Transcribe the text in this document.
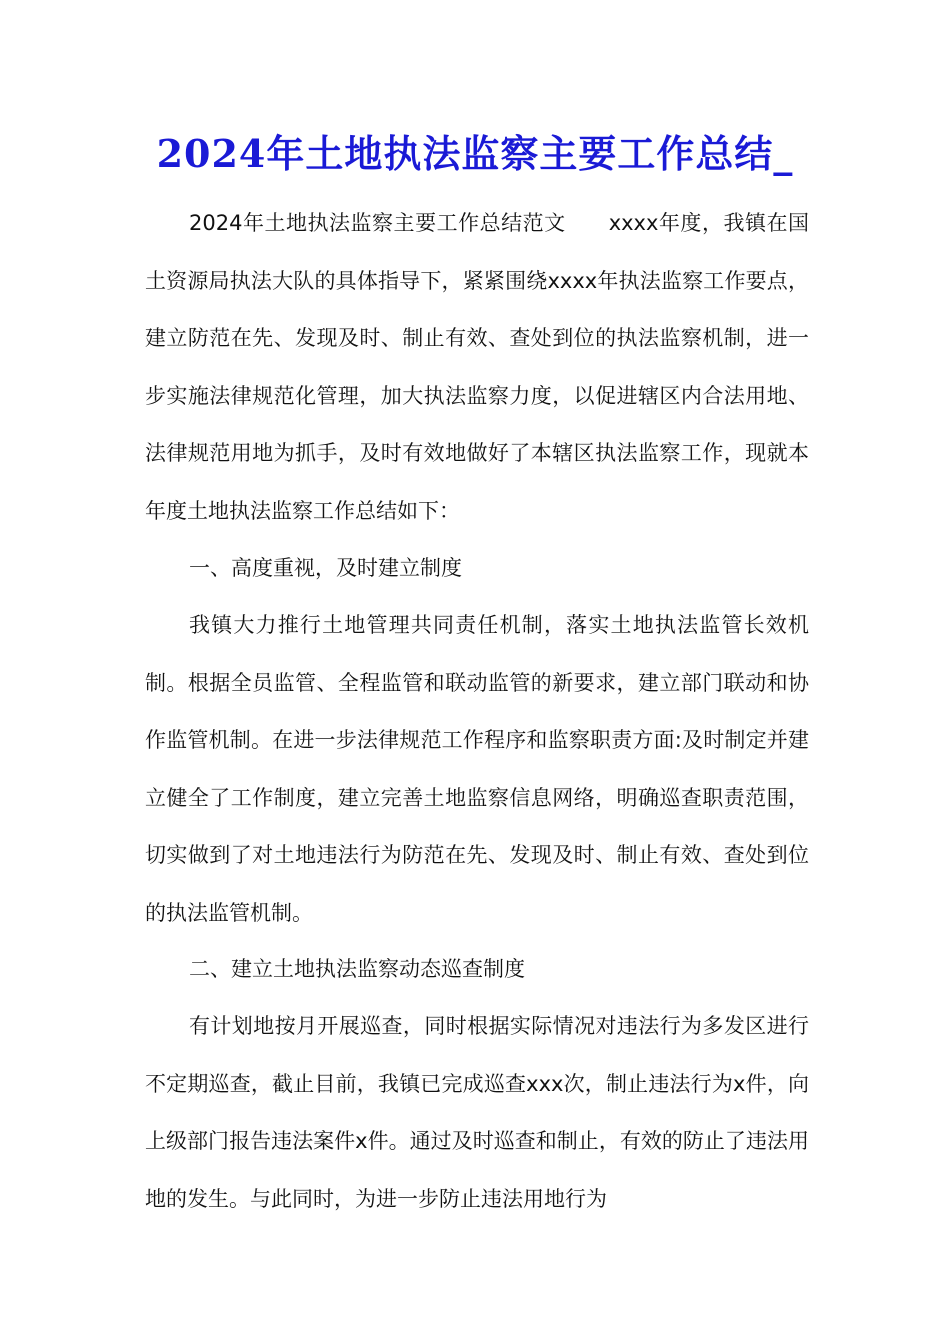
2024年土地执法监察主要工作总结_
2024年土地执法监察主要工作总结范文　　xxxx年度，我镇在国土资源局执法大队的具体指导下，紧紧围绕xxxx年执法监察工作要点，建立防范在先、发现及时、制止有效、查处到位的执法监察机制，进一步实施法律规范化管理，加大执法监察力度，以促进辖区内合法用地、法律规范用地为抓手，及时有效地做好了本辖区执法监察工作，现就本年度土地执法监察工作总结如下：
一、高度重视，及时建立制度
我镇大力推行土地管理共同责任机制，落实土地执法监管长效机制。根据全员监管、全程监管和联动监管的新要求，建立部门联动和协作监管机制。在进一步法律规范工作程序和监察职责方面:及时制定并建立健全了工作制度，建立完善土地监察信息网络，明确巡查职责范围，切实做到了对土地违法行为防范在先、发现及时、制止有效、查处到位的执法监管机制。
二、建立土地执法监察动态巡查制度
有计划地按月开展巡查，同时根据实际情况对违法行为多发区进行不定期巡查，截止目前，我镇已完成巡查xxx次，制止违法行为x件，向上级部门报告违法案件x件。通过及时巡查和制止，有效的防止了违法用地的发生。与此同时，为进一步防止违法用地行为
